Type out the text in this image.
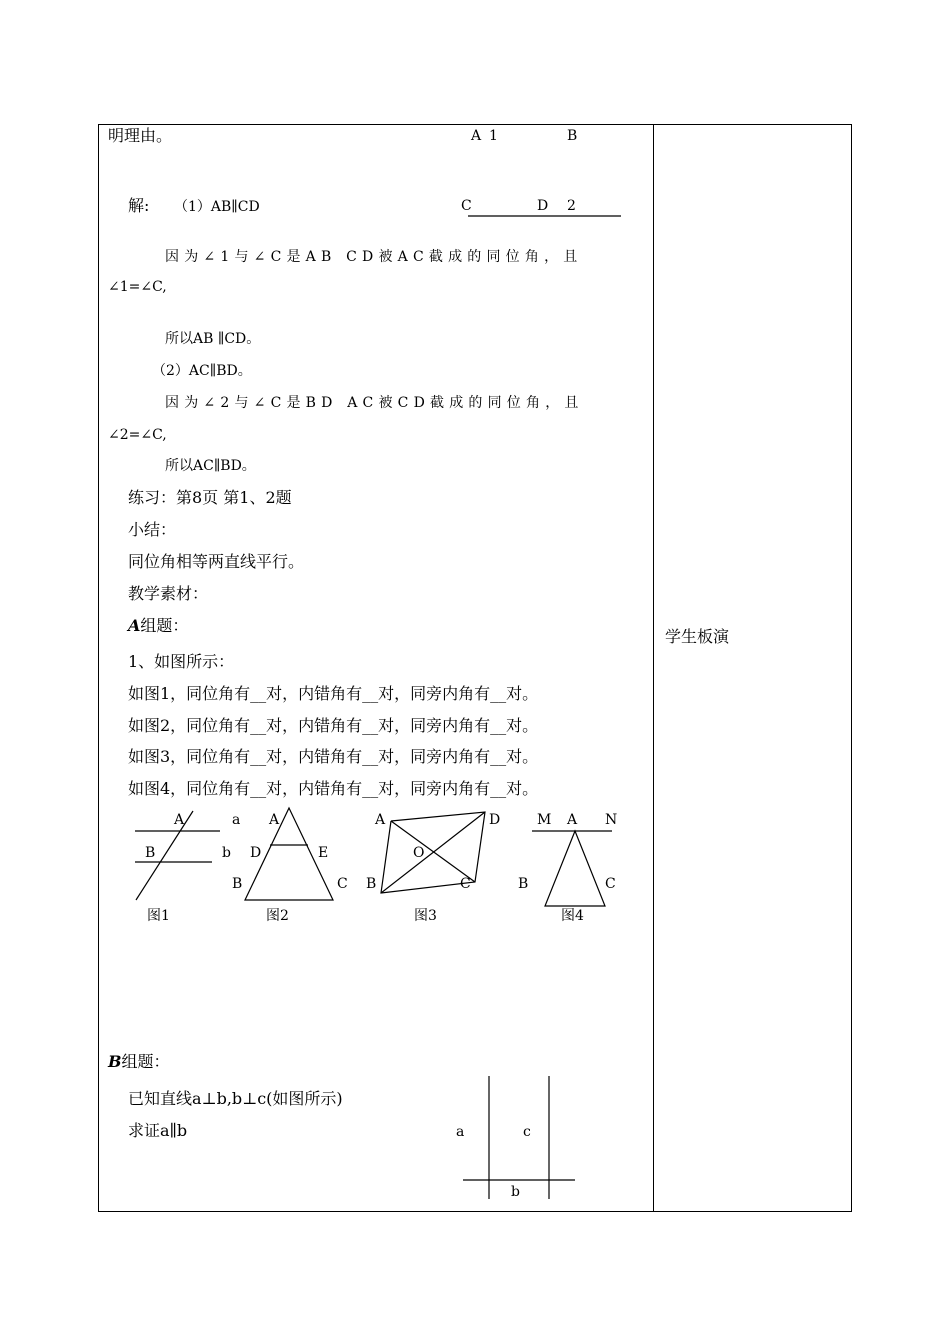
明理由。
解: （1）AB∥CD
因为∠1与∠C是AB CD被AC截成的同位角，且
∠1=∠C,
所以AB ∥CD。
（2）AC∥BD。
因为∠2与∠C是BD AC被CD截成的同位角，且
∠2=∠C,
所以AC∥BD。
练习：第8页 第1、2题
小结：
同位角相等两直线平行。
教学素材：
A组题：
1、如图所示：
如图1，同位角有__对，内错角有__对，同旁内角有__对。
如图2，同位角有__对，内错角有__对，同旁内角有__对。
如图3，同位角有__对，内错角有__对，同旁内角有__对。
如图4，同位角有__对，内错角有__对，同旁内角有__对。
B组题：
已知直线a⊥b,b⊥c(如图所示)
求证a∥b
学生板演
A 1	B
C	D 2
A	a
B	b
图1
A
D	E
B	C
图2
A	D
O
B	C
图3
M A N
B	C
图4
a	c
b
